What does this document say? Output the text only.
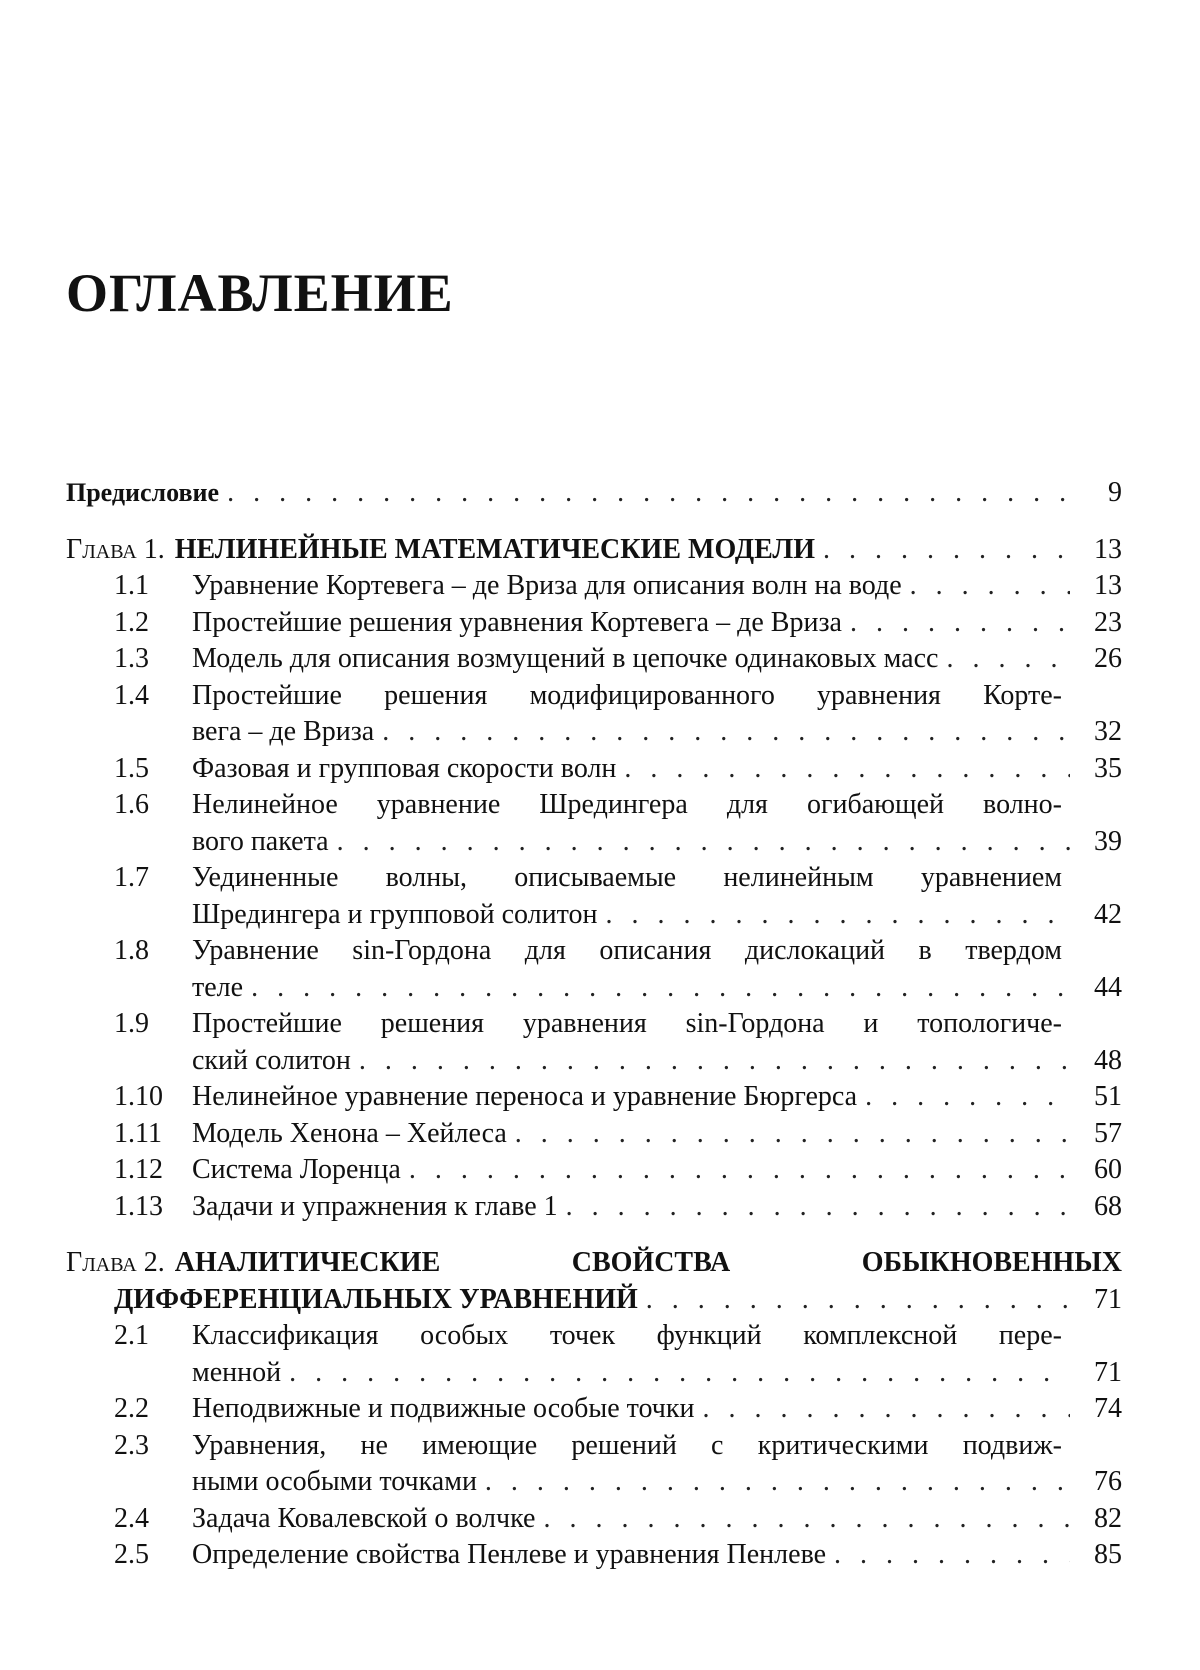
ОГЛАВЛЕНИЕ
Предисловие . . .	9
Глава 1. НЕЛИНЕЙНЫЕ МАТЕМАТИЧЕСКИЕ МОДЕЛИ . . .	13
1.1	Уравнение Кортевега – де Вриза для описания волн на воде . . .	13
1.2	Простейшие решения уравнения Кортевега – де Вриза . . .	23
1.3	Модель для описания возмущений в цепочке одинаковых масс . . .	26
1.4	Простейшие решения модифицированного уравнения Корте-
вега – де Вриза . . .	32
1.5	Фазовая и групповая скорости волн . . .	35
1.6	Нелинейное уравнение Шредингера для огибающей волно-
вого пакета . . .	39
1.7	Уединенные волны, описываемые нелинейным уравнением
Шредингера и групповой солитон . . .	42
1.8	Уравнение sin-Гордона для описания дислокаций в твердом
теле . . .	44
1.9	Простейшие решения уравнения sin-Гордона и топологиче-
ский солитон . . .	48
1.10	Нелинейное уравнение переноса и уравнение Бюргерса . . .	51
1.11	Модель Хенона – Хейлеса . . .	57
1.12	Система Лоренца . . .	60
1.13	Задачи и упражнения к главе 1 . . .	68
Глава 2. АНАЛИТИЧЕСКИЕ СВОЙСТВА ОБЫКНОВЕННЫХ
ДИФФЕРЕНЦИАЛЬНЫХ УРАВНЕНИЙ . . .	71
2.1	Классификация особых точек функций комплексной пере-
менной . . .	71
2.2	Неподвижные и подвижные особые точки . . .	74
2.3	Уравнения, не имеющие решений с критическими подвиж-
ными особыми точками . . .	76
2.4	Задача Ковалевской о волчке . . .	82
2.5	Определение свойства Пенлеве и уравнения Пенлеве . . .	85
